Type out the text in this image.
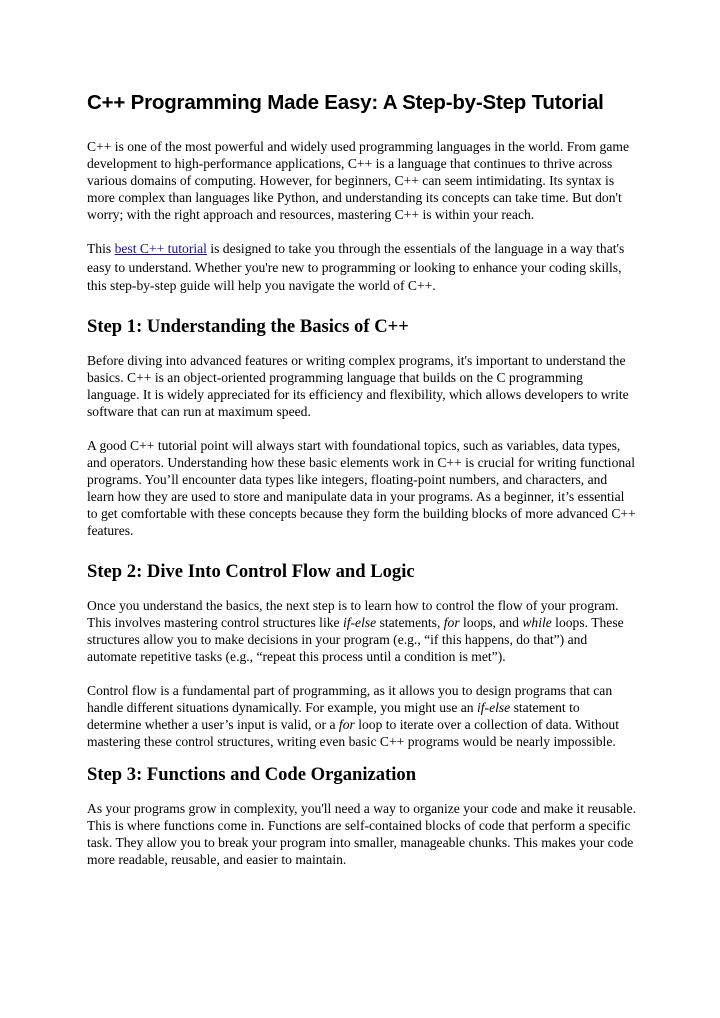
C++ Programming Made Easy: A Step-by-Step Tutorial

C++ is one of the most powerful and widely used programming languages in the world. From game development to high-performance applications, C++ is a language that continues to thrive across various domains of computing. However, for beginners, C++ can seem intimidating. Its syntax is more complex than languages like Python, and understanding its concepts can take time. But don't worry; with the right approach and resources, mastering C++ is within your reach.

This best C++ tutorial is designed to take you through the essentials of the language in a way that's easy to understand. Whether you're new to programming or looking to enhance your coding skills, this step-by-step guide will help you navigate the world of C++.

Step 1: Understanding the Basics of C++

Before diving into advanced features or writing complex programs, it's important to understand the basics. C++ is an object-oriented programming language that builds on the C programming language. It is widely appreciated for its efficiency and flexibility, which allows developers to write software that can run at maximum speed.

A good C++ tutorial point will always start with foundational topics, such as variables, data types, and operators. Understanding how these basic elements work in C++ is crucial for writing functional programs. You’ll encounter data types like integers, floating-point numbers, and characters, and learn how they are used to store and manipulate data in your programs. As a beginner, it’s essential to get comfortable with these concepts because they form the building blocks of more advanced C++ features.

Step 2: Dive Into Control Flow and Logic

Once you understand the basics, the next step is to learn how to control the flow of your program. This involves mastering control structures like if-else statements, for loops, and while loops. These structures allow you to make decisions in your program (e.g., “if this happens, do that”) and automate repetitive tasks (e.g., “repeat this process until a condition is met”).

Control flow is a fundamental part of programming, as it allows you to design programs that can handle different situations dynamically. For example, you might use an if-else statement to determine whether a user’s input is valid, or a for loop to iterate over a collection of data. Without mastering these control structures, writing even basic C++ programs would be nearly impossible.

Step 3: Functions and Code Organization

As your programs grow in complexity, you'll need a way to organize your code and make it reusable. This is where functions come in. Functions are self-contained blocks of code that perform a specific task. They allow you to break your program into smaller, manageable chunks. This makes your code more readable, reusable, and easier to maintain.
